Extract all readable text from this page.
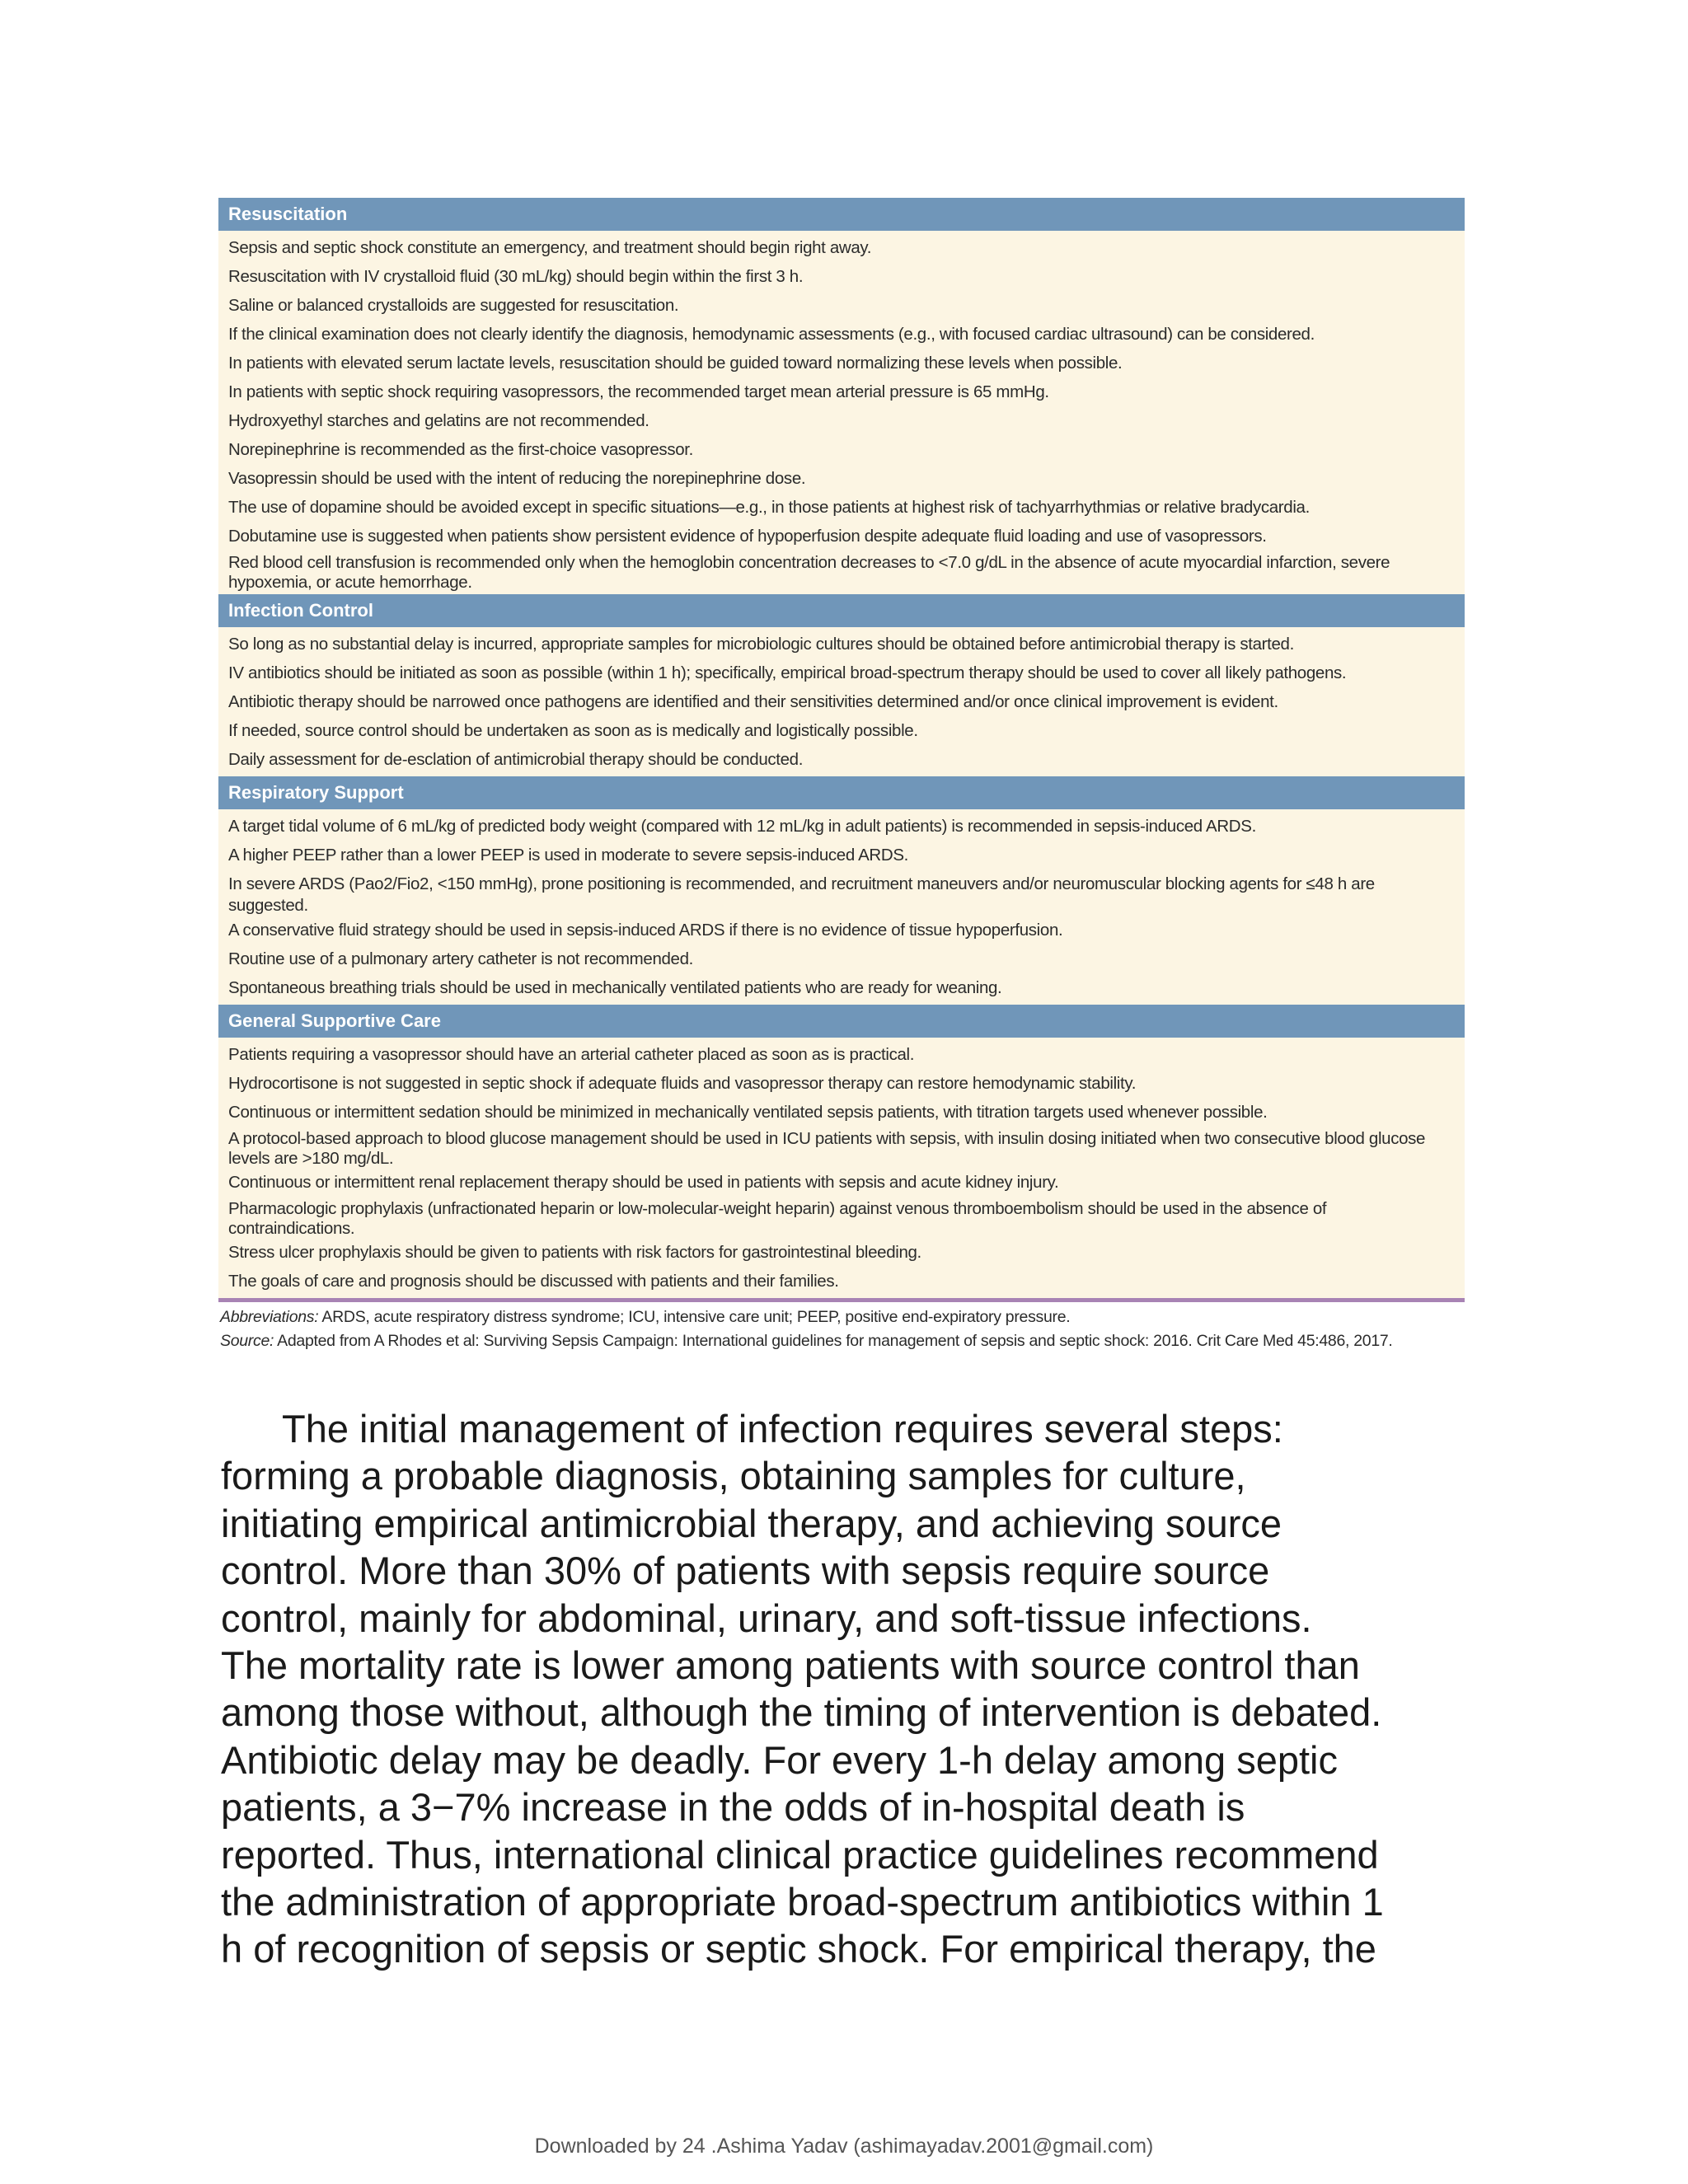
Resuscitation
Sepsis and septic shock constitute an emergency, and treatment should begin right away.
Resuscitation with IV crystalloid fluid (30 mL/kg) should begin within the first 3 h.
Saline or balanced crystalloids are suggested for resuscitation.
If the clinical examination does not clearly identify the diagnosis, hemodynamic assessments (e.g., with focused cardiac ultrasound) can be considered.
In patients with elevated serum lactate levels, resuscitation should be guided toward normalizing these levels when possible.
In patients with septic shock requiring vasopressors, the recommended target mean arterial pressure is 65 mmHg.
Hydroxyethyl starches and gelatins are not recommended.
Norepinephrine is recommended as the first-choice vasopressor.
Vasopressin should be used with the intent of reducing the norepinephrine dose.
The use of dopamine should be avoided except in specific situations—e.g., in those patients at highest risk of tachyarrhythmias or relative bradycardia.
Dobutamine use is suggested when patients show persistent evidence of hypoperfusion despite adequate fluid loading and use of vasopressors.
Red blood cell transfusion is recommended only when the hemoglobin concentration decreases to <7.0 g/dL in the absence of acute myocardial infarction, severe hypoxemia, or acute hemorrhage.
Infection Control
So long as no substantial delay is incurred, appropriate samples for microbiologic cultures should be obtained before antimicrobial therapy is started.
IV antibiotics should be initiated as soon as possible (within 1 h); specifically, empirical broad-spectrum therapy should be used to cover all likely pathogens.
Antibiotic therapy should be narrowed once pathogens are identified and their sensitivities determined and/or once clinical improvement is evident.
If needed, source control should be undertaken as soon as is medically and logistically possible.
Daily assessment for de-esclation of antimicrobial therapy should be conducted.
Respiratory Support
A target tidal volume of 6 mL/kg of predicted body weight (compared with 12 mL/kg in adult patients) is recommended in sepsis-induced ARDS.
A higher PEEP rather than a lower PEEP is used in moderate to severe sepsis-induced ARDS.
In severe ARDS (Pao2/Fio2, <150 mmHg), prone positioning is recommended, and recruitment maneuvers and/or neuromuscular blocking agents for ≤48 h are suggested.
A conservative fluid strategy should be used in sepsis-induced ARDS if there is no evidence of tissue hypoperfusion.
Routine use of a pulmonary artery catheter is not recommended.
Spontaneous breathing trials should be used in mechanically ventilated patients who are ready for weaning.
General Supportive Care
Patients requiring a vasopressor should have an arterial catheter placed as soon as is practical.
Hydrocortisone is not suggested in septic shock if adequate fluids and vasopressor therapy can restore hemodynamic stability.
Continuous or intermittent sedation should be minimized in mechanically ventilated sepsis patients, with titration targets used whenever possible.
A protocol-based approach to blood glucose management should be used in ICU patients with sepsis, with insulin dosing initiated when two consecutive blood glucose levels are >180 mg/dL.
Continuous or intermittent renal replacement therapy should be used in patients with sepsis and acute kidney injury.
Pharmacologic prophylaxis (unfractionated heparin or low-molecular-weight heparin) against venous thromboembolism should be used in the absence of contraindications.
Stress ulcer prophylaxis should be given to patients with risk factors for gastrointestinal bleeding.
The goals of care and prognosis should be discussed with patients and their families.
Abbreviations: ARDS, acute respiratory distress syndrome; ICU, intensive care unit; PEEP, positive end-expiratory pressure.
Source: Adapted from A Rhodes et al: Surviving Sepsis Campaign: International guidelines for management of sepsis and septic shock: 2016. Crit Care Med 45:486, 2017.
The initial management of infection requires several steps:
forming a probable diagnosis, obtaining samples for culture,
initiating empirical antimicrobial therapy, and achieving source
control. More than 30% of patients with sepsis require source
control, mainly for abdominal, urinary, and soft-tissue infections.
The mortality rate is lower among patients with source control than
among those without, although the timing of intervention is debated.
Antibiotic delay may be deadly. For every 1-h delay among septic
patients, a 3−7% increase in the odds of in-hospital death is
reported. Thus, international clinical practice guidelines recommend
the administration of appropriate broad-spectrum antibiotics within 1
h of recognition of sepsis or septic shock. For empirical therapy, the
Downloaded by 24 .Ashima Yadav (ashimayadav.2001@gmail.com)
